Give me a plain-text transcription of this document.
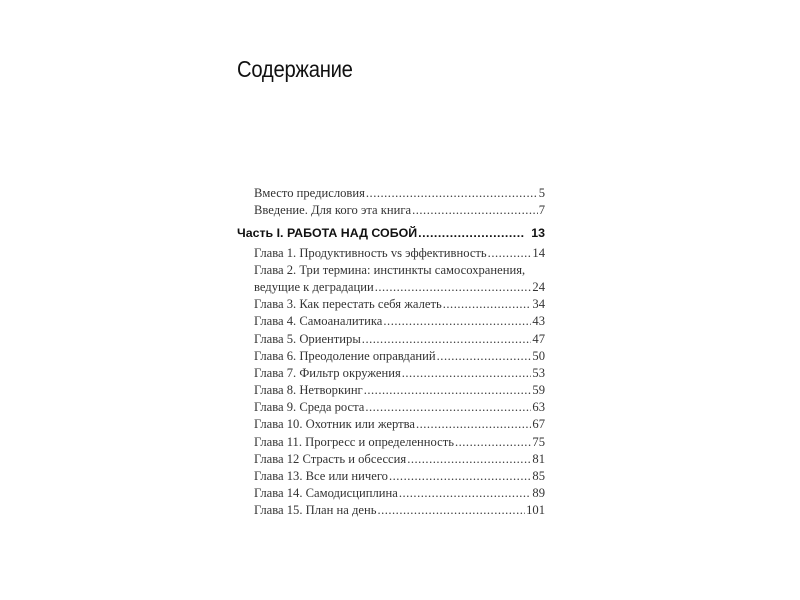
Содержание
Вместо предисловия .....	5
Введение. Для кого эта книга .....	7
Часть I. РАБОТА НАД СОБОЙ .....	13
Глава 1. Продуктивность vs эффективность .....	14
Глава 2. Три термина: инстинкты самосохранения,
ведущие к деградации .....	24
Глава 3. Как перестать себя жалеть .....	34
Глава 4. Самоаналитика .....	43
Глава 5. Ориентиры .....	47
Глава 6. Преодоление оправданий .....	50
Глава 7. Фильтр окружения .....	53
Глава 8. Нетворкинг .....	59
Глава 9. Среда роста .....	63
Глава 10. Охотник или жертва .....	67
Глава 11. Прогресс и определенность .....	75
Глава 12 Страсть и обсессия .....	81
Глава 13. Все или ничего .....	85
Глава 14. Самодисциплина .....	89
Глава 15. План на день .....	101
